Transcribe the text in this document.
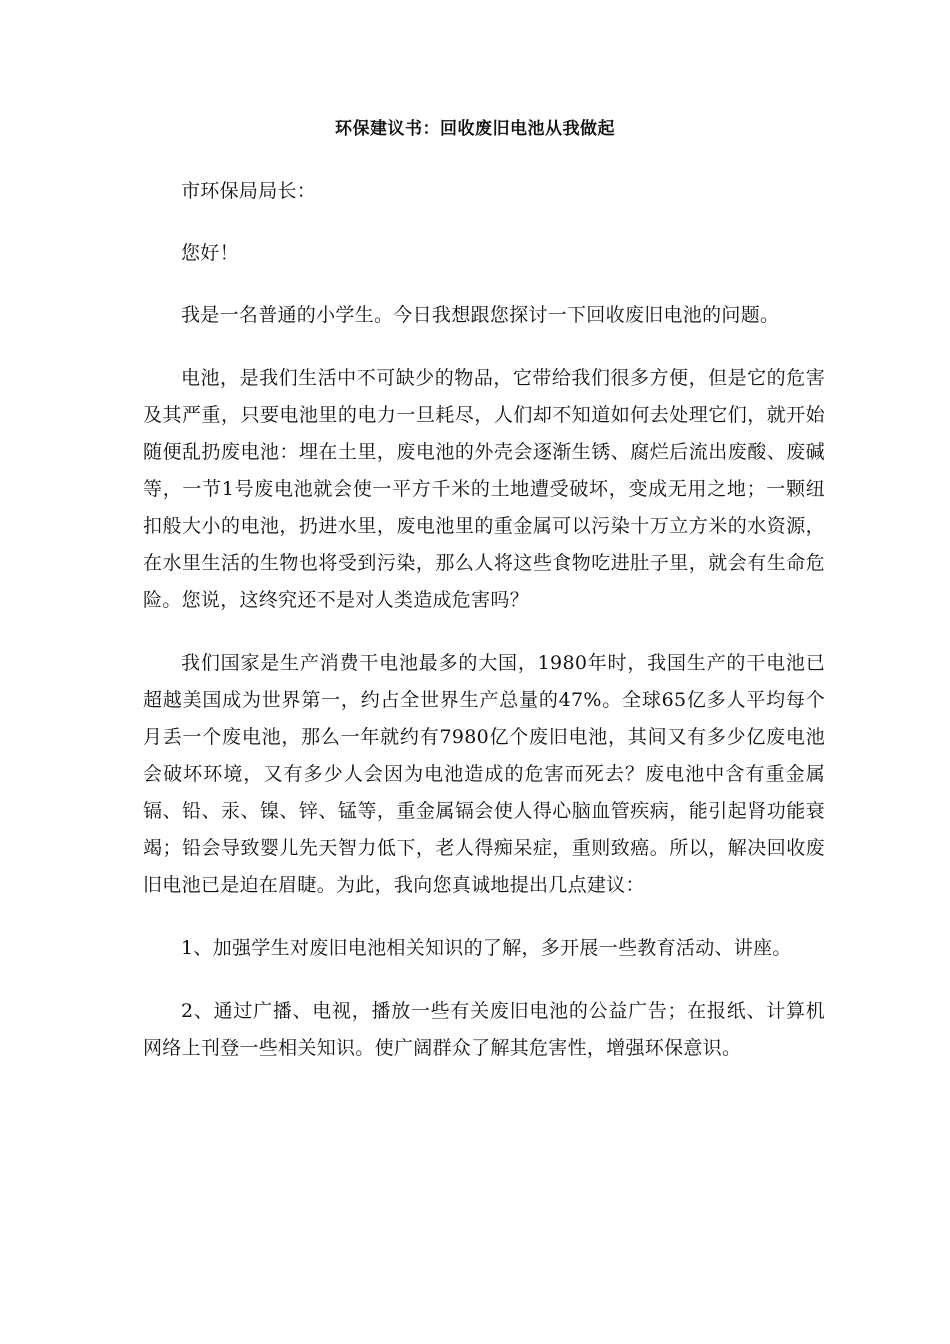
环保建议书：回收废旧电池从我做起

市环保局局长：

您好！

我是一名普通的小学生。今日我想跟您探讨一下回收废旧电池的问题。

电池，是我们生活中不可缺少的物品，它带给我们很多方便，但是它的危害及其严重，只要电池里的电力一旦耗尽，人们却不知道如何去处理它们，就开始随便乱扔废电池：埋在土里，废电池的外壳会逐渐生锈、腐烂后流出废酸、废碱等，一节1号废电池就会使一平方千米的土地遭受破坏，变成无用之地；一颗纽扣般大小的电池，扔进水里，废电池里的重金属可以污染十万立方米的水资源，在水里生活的生物也将受到污染，那么人将这些食物吃进肚子里，就会有生命危险。您说，这终究还不是对人类造成危害吗？

我们国家是生产消费干电池最多的大国，1980年时，我国生产的干电池已超越美国成为世界第一，约占全世界生产总量的47%。全球65亿多人平均每个月丢一个废电池，那么一年就约有7980亿个废旧电池，其间又有多少亿废电池会破坏环境，又有多少人会因为电池造成的危害而死去？废电池中含有重金属镉、铅、汞、镍、锌、锰等，重金属镉会使人得心脑血管疾病，能引起肾功能衰竭；铅会导致婴儿先天智力低下，老人得痴呆症，重则致癌。所以，解决回收废旧电池已是迫在眉睫。为此，我向您真诚地提出几点建议：

1、加强学生对废旧电池相关知识的了解，多开展一些教育活动、讲座。

2、通过广播、电视，播放一些有关废旧电池的公益广告；在报纸、计算机网络上刊登一些相关知识。使广阔群众了解其危害性，增强环保意识。
